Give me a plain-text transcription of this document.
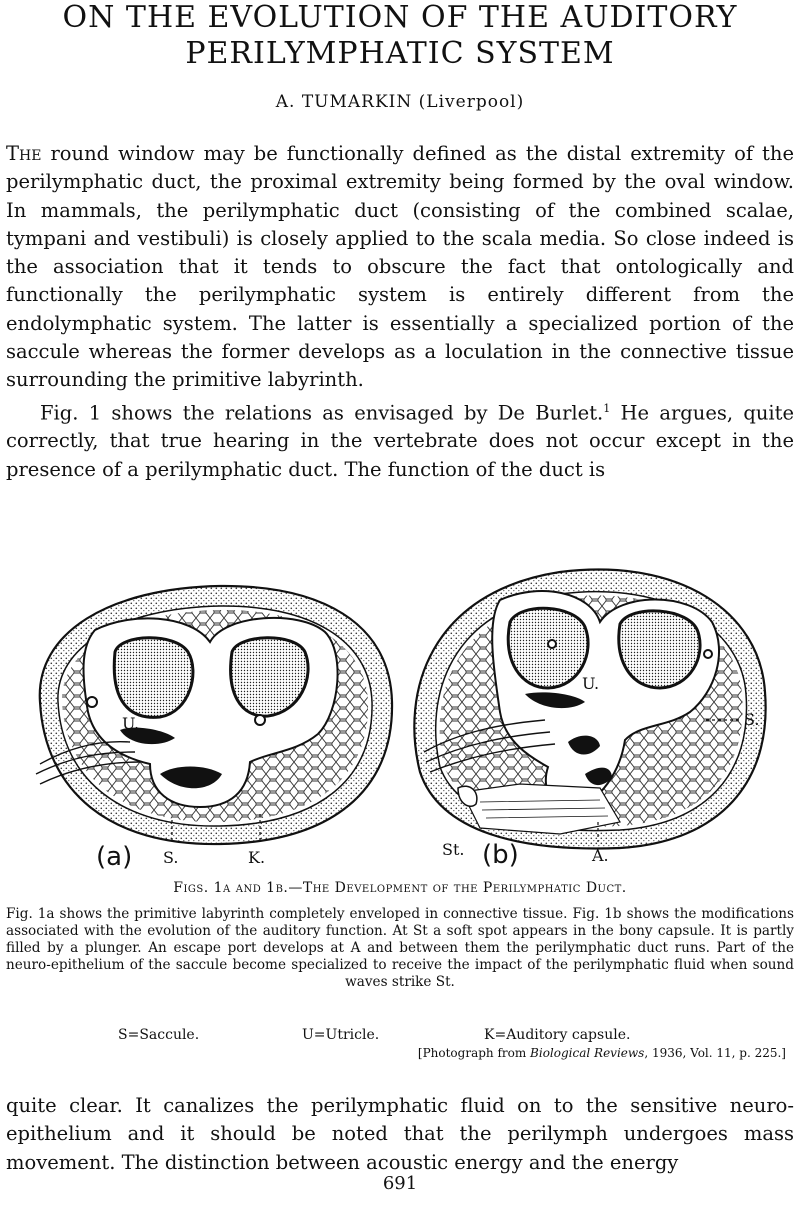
ON THE EVOLUTION OF THE AUDITORY
PERILYMPHATIC SYSTEM
A. TUMARKIN (Liverpool)

The round window may be functionally defined as the distal extremity of the perilymphatic duct, the proximal extremity being formed by the oval window. In mammals, the perilymphatic duct (consisting of the combined scalae, tympani and vestibuli) is closely applied to the scala media. So close indeed is the association that it tends to obscure the fact that ontologically and functionally the perilymphatic system is entirely different from the endolymphatic system. The latter is essentially a specialized portion of the saccule whereas the former develops as a loculation in the connective tissue surrounding the primitive labyrinth.

Fig. 1 shows the relations as envisaged by De Burlet.$^1$ He argues, quite correctly, that true hearing in the vertebrate does not occur except in the presence of a perilymphatic duct. The function of the duct is

U.
(a) S.	K.
U.
S.
St. (b)	A.
Figs. 1a and 1b.—The Development of the Perilymphatic Duct.
Fig. 1a shows the primitive labyrinth completely enveloped in connective tissue. Fig. 1b shows the modifications associated with the evolution of the auditory function. At St a soft spot appears in the bony capsule. It is partly filled by a plunger. An escape port develops at A and between them the perilymphatic duct runs. Part of the neuro-epithelium of the saccule become specialized to receive the impact of the perilymphatic fluid when sound waves strike St.
S=Saccule.	U=Utricle.	K=Auditory capsule.
[Photograph from Biological Reviews, 1936, Vol. 11, p. 225.]

quite clear. It canalizes the perilymphatic fluid on to the sensitive neuro-epithelium and it should be noted that the perilymph undergoes mass movement. The distinction between acoustic energy and the energy

691
